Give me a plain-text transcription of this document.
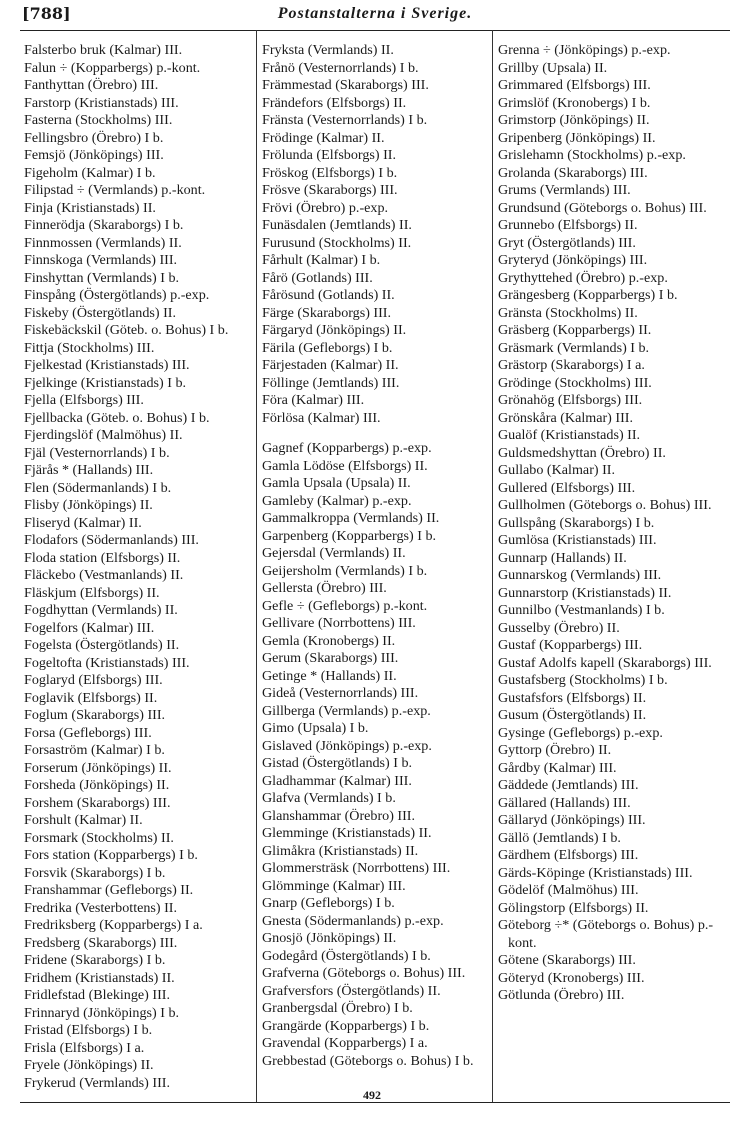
[788]	Postanstalterna i Sverige.
Falsterbo bruk (Kalmar) III.
Falun ÷ (Kopparbergs) p.-kont.
Fanthyttan (Örebro) III.
Farstorp (Kristianstads) III.
Fasterna (Stockholms) III.
Fellingsbro (Örebro) I b.
Femsjö (Jönköpings) III.
Figeholm (Kalmar) I b.
Filipstad ÷ (Vermlands) p.-kont.
Finja (Kristianstads) II.
Finnerödja (Skaraborgs) I b.
Finnmossen (Vermlands) II.
Finnskoga (Vermlands) III.
Finshyttan (Vermlands) I b.
Finspång (Östergötlands) p.-exp.
Fiskeby (Östergötlands) II.
Fiskebäckskil (Göteb. o. Bohus) I b.
Fittja (Stockholms) III.
Fjelkestad (Kristianstads) III.
Fjelkinge (Kristianstads) I b.
Fjella (Elfsborgs) III.
Fjellbacka (Göteb. o. Bohus) I b.
Fjerdingslöf (Malmöhus) II.
Fjäl (Vesternorrlands) I b.
Fjärås * (Hallands) III.
Flen (Södermanlands) I b.
Flisby (Jönköpings) II.
Fliseryd (Kalmar) II.
Flodafors (Södermanlands) III.
Floda station (Elfsborgs) II.
Fläckebo (Vestmanlands) II.
Fläskjum (Elfsborgs) II.
Fogdhyttan (Vermlands) II.
Fogelfors (Kalmar) III.
Fogelsta (Östergötlands) II.
Fogeltofta (Kristianstads) III.
Foglaryd (Elfsborgs) III.
Foglavik (Elfsborgs) II.
Foglum (Skaraborgs) III.
Forsa (Gefleborgs) III.
Forsaström (Kalmar) I b.
Forserum (Jönköpings) II.
Forsheda (Jönköpings) II.
Forshem (Skaraborgs) III.
Forshult (Kalmar) II.
Forsmark (Stockholms) II.
Fors station (Kopparbergs) I b.
Forsvik (Skaraborgs) I b.
Franshammar (Gefleborgs) II.
Fredrika (Vesterbottens) II.
Fredriksberg (Kopparbergs) I a.
Fredsberg (Skaraborgs) III.
Fridene (Skaraborgs) I b.
Fridhem (Kristianstads) II.
Fridlefstad (Blekinge) III.
Frinnaryd (Jönköpings) I b.
Fristad (Elfsborgs) I b.
Frisla (Elfsborgs) I a.
Fryele (Jönköpings) II.
Frykerud (Vermlands) III.
Fryksta (Vermlands) II.
Frånö (Vesternorrlands) I b.
Främmestad (Skaraborgs) III.
Frändefors (Elfsborgs) II.
Fränsta (Vesternorrlands) I b.
Frödinge (Kalmar) II.
Frölunda (Elfsborgs) II.
Fröskog (Elfsborgs) I b.
Frösve (Skaraborgs) III.
Frövi (Örebro) p.-exp.
Funäsdalen (Jemtlands) II.
Furusund (Stockholms) II.
Fårhult (Kalmar) I b.
Fårö (Gotlands) III.
Fårösund (Gotlands) II.
Färge (Skaraborgs) III.
Färgaryd (Jönköpings) II.
Färila (Gefleborgs) I b.
Färjestaden (Kalmar) II.
Föllinge (Jemtlands) III.
Föra (Kalmar) III.
Förlösa (Kalmar) III.
Gagnef (Kopparbergs) p.-exp.
Gamla Lödöse (Elfsborgs) II.
Gamla Upsala (Upsala) II.
Gamleby (Kalmar) p.-exp.
Gammalkroppa (Vermlands) II.
Garpenberg (Kopparbergs) I b.
Gejersdal (Vermlands) II.
Geijersholm (Vermlands) I b.
Gellersta (Örebro) III.
Gefle ÷ (Gefleborgs) p.-kont.
Gellivare (Norrbottens) III.
Gemla (Kronobergs) II.
Gerum (Skaraborgs) III.
Getinge * (Hallands) II.
Gideå (Vesternorrlands) III.
Gillberga (Vermlands) p.-exp.
Gimo (Upsala) I b.
Gislaved (Jönköpings) p.-exp.
Gistad (Östergötlands) I b.
Gladhammar (Kalmar) III.
Glafva (Vermlands) I b.
Glanshammar (Örebro) III.
Glemminge (Kristianstads) II.
Glimåkra (Kristianstads) II.
Glommersträsk (Norrbottens) III.
Glömminge (Kalmar) III.
Gnarp (Gefleborgs) I b.
Gnesta (Södermanlands) p.-exp.
Gnosjö (Jönköpings) II.
Godegård (Östergötlands) I b.
Grafverna (Göteborgs o. Bohus) III.
Grafversfors (Östergötlands) II.
Granbergsdal (Örebro) I b.
Grangärde (Kopparbergs) I b.
Gravendal (Kopparbergs) I a.
Grebbestad (Göteborgs o. Bohus) I b.
Grenna ÷ (Jönköpings) p.-exp.
Grillby (Upsala) II.
Grimmared (Elfsborgs) III.
Grimslöf (Kronobergs) I b.
Grimstorp (Jönköpings) II.
Gripenberg (Jönköpings) II.
Grislehamn (Stockholms) p.-exp.
Grolanda (Skaraborgs) III.
Grums (Vermlands) III.
Grundsund (Göteborgs o. Bohus) III.
Grunnebo (Elfsborgs) II.
Gryt (Östergötlands) III.
Gryteryd (Jönköpings) III.
Grythyttehed (Örebro) p.-exp.
Grängesberg (Kopparbergs) I b.
Gränsta (Stockholms) II.
Gräsberg (Kopparbergs) II.
Gräsmark (Vermlands) I b.
Grästorp (Skaraborgs) I a.
Grödinge (Stockholms) III.
Grönahög (Elfsborgs) III.
Grönskåra (Kalmar) III.
Gualöf (Kristianstads) II.
Guldsmedshyttan (Örebro) II.
Gullabo (Kalmar) II.
Gullered (Elfsborgs) III.
Gullholmen (Göteborgs o. Bohus) III.
Gullspång (Skaraborgs) I b.
Gumlösa (Kristianstads) III.
Gunnarp (Hallands) II.
Gunnarskog (Vermlands) III.
Gunnarstorp (Kristianstads) II.
Gunnilbo (Vestmanlands) I b.
Gusselby (Örebro) II.
Gustaf (Kopparbergs) III.
Gustaf Adolfs kapell (Skaraborgs) III.
Gustafsberg (Stockholms) I b.
Gustafsfors (Elfsborgs) II.
Gusum (Östergötlands) II.
Gysinge (Gefleborgs) p.-exp.
Gyttorp (Örebro) II.
Gårdby (Kalmar) III.
Gäddede (Jemtlands) III.
Gällared (Hallands) III.
Gällaryd (Jönköpings) III.
Gällö (Jemtlands) I b.
Gärdhem (Elfsborgs) III.
Gärds-Köpinge (Kristianstads) III.
Gödelöf (Malmöhus) III.
Gölingstorp (Elfsborgs) II.
Göteborg ÷* (Göteborgs o. Bohus) p.-kont.
Götene (Skaraborgs) III.
Göteryd (Kronobergs) III.
Götlunda (Örebro) III.
492
